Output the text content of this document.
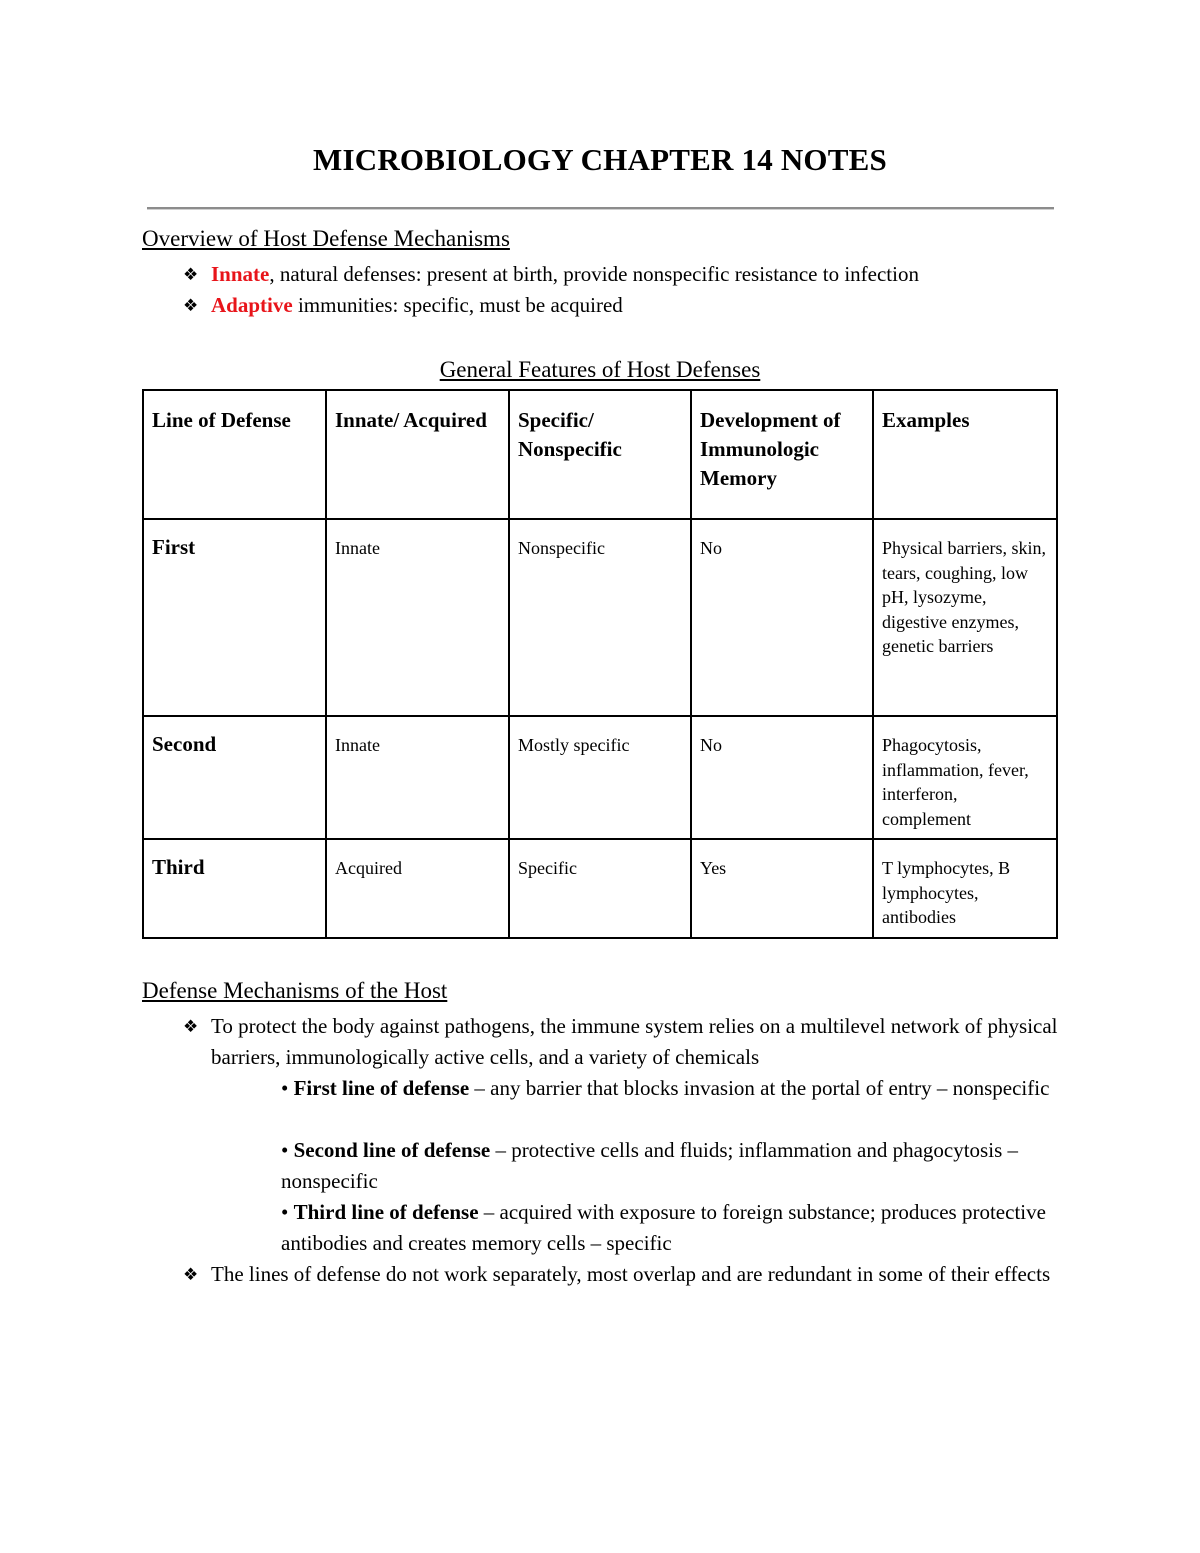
MICROBIOLOGY CHAPTER 14 NOTES
Overview of Host Defense Mechanisms
❖ Innate, natural defenses: present at birth, provide nonspecific resistance to infection
❖ Adaptive immunities: specific, must be acquired
General Features of Host Defenses
Line of Defense	Innate/ Acquired	Specific/ Nonspecific	Development of Immunologic Memory	Examples
First	Innate	Nonspecific	No	Physical barriers, skin, tears, coughing, low pH, lysozyme, digestive enzymes, genetic barriers
Second	Innate	Mostly specific	No	Phagocytosis, inflammation, fever, interferon, complement
Third	Acquired	Specific	Yes	T lymphocytes, B lymphocytes, antibodies
Defense Mechanisms of the Host
❖ To protect the body against pathogens, the immune system relies on a multilevel network of physical barriers, immunologically active cells, and a variety of chemicals
• First line of defense – any barrier that blocks invasion at the portal of entry – nonspecific
• Second line of defense – protective cells and fluids; inflammation and phagocytosis – nonspecific
• Third line of defense – acquired with exposure to foreign substance; produces protective antibodies and creates memory cells – specific
❖ The lines of defense do not work separately, most overlap and are redundant in some of their effects
